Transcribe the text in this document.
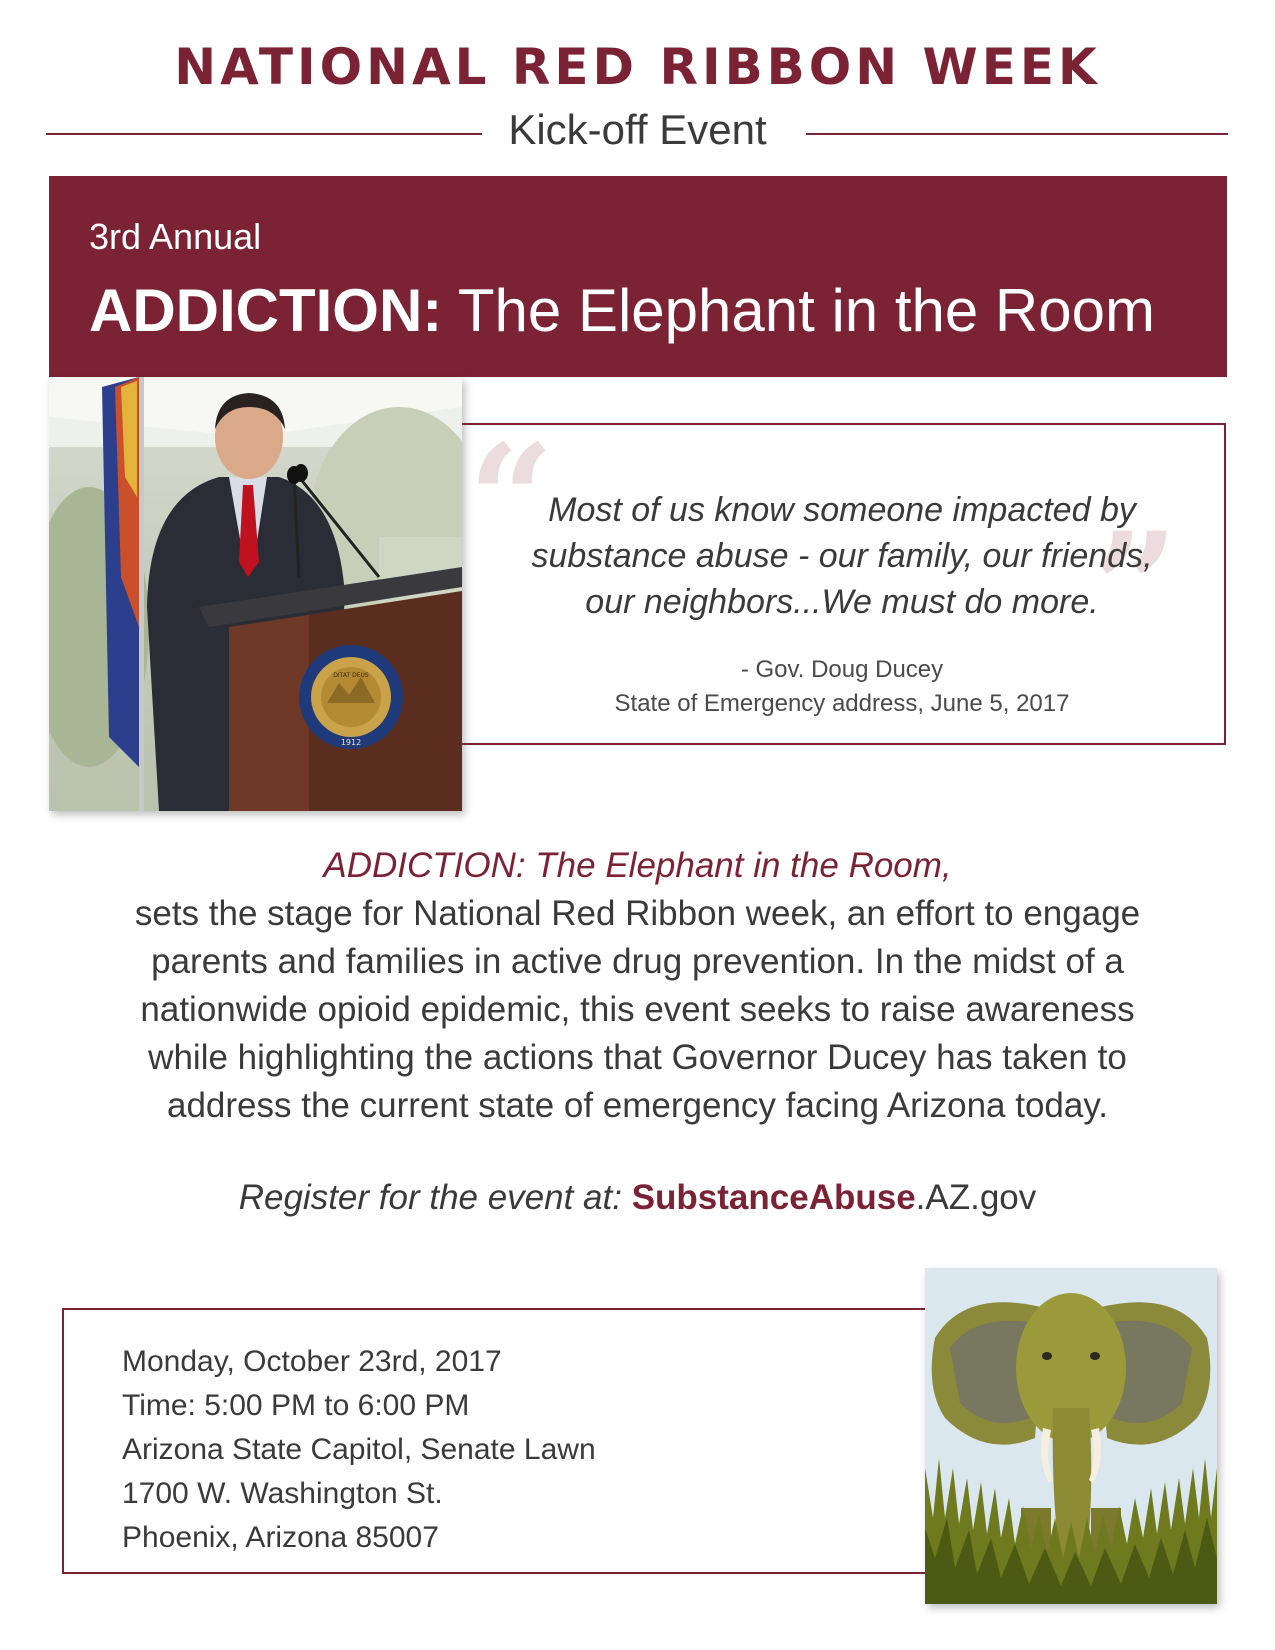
NATIONAL RED RIBBON WEEK
Kick-off Event
3rd Annual
ADDICTION: The Elephant in the Room
DITAT DEUS
1912
“	”
Most of us know someone impacted by substance abuse - our family, our friends, our neighbors...We must do more.
- Gov. Doug Ducey
State of Emergency address, June 5, 2017
ADDICTION: The Elephant in the Room,
sets the stage for National Red Ribbon week, an effort to engage parents and families in active drug prevention. In the midst of a nationwide opioid epidemic, this event seeks to raise awareness while highlighting the actions that Governor Ducey has taken to address the current state of emergency facing Arizona today.
Register for the event at: SubstanceAbuse.AZ.gov
Monday, October 23rd, 2017
Time: 5:00 PM to 6:00 PM
Arizona State Capitol, Senate Lawn
1700 W. Washington St.
Phoenix, Arizona 85007
